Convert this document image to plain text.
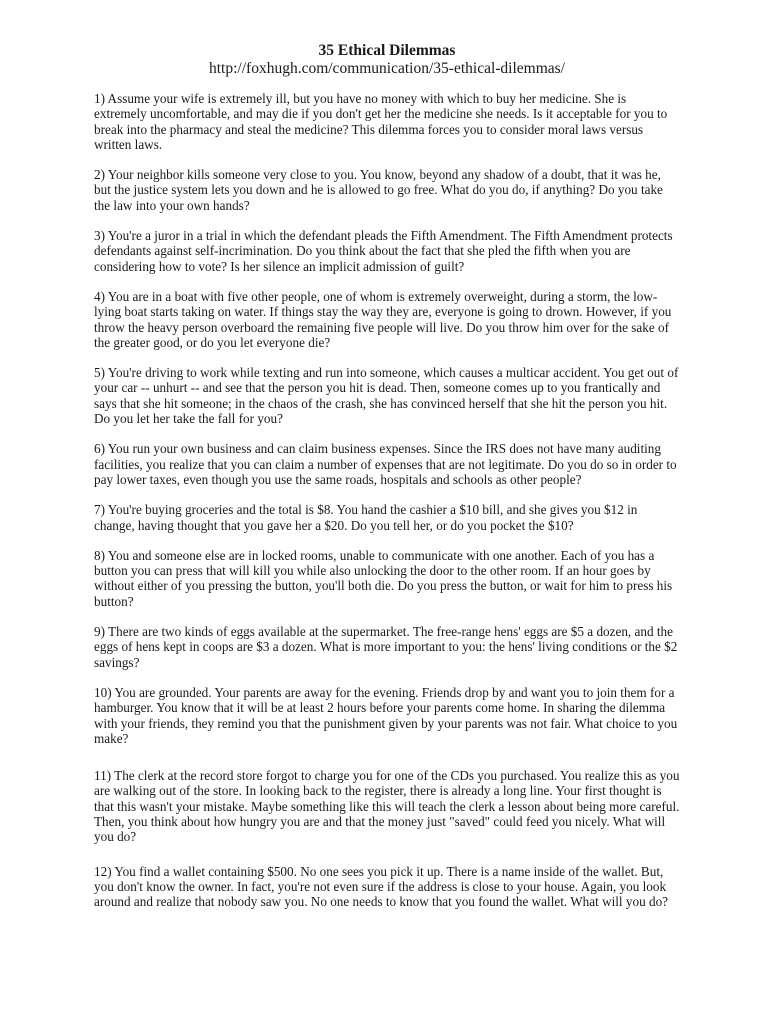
35 Ethical Dilemmas

http://foxhugh.com/communication/35-ethical-dilemmas/

1) Assume your wife is extremely ill, but you have no money with which to buy her medicine. She is extremely uncomfortable, and may die if you don't get her the medicine she needs. Is it acceptable for you to break into the pharmacy and steal the medicine? This dilemma forces you to consider moral laws versus written laws.

2) Your neighbor kills someone very close to you. You know, beyond any shadow of a doubt, that it was he, but the justice system lets you down and he is allowed to go free. What do you do, if anything? Do you take the law into your own hands?

3) You're a juror in a trial in which the defendant pleads the Fifth Amendment. The Fifth Amendment protects defendants against self-incrimination. Do you think about the fact that she pled the fifth when you are considering how to vote? Is her silence an implicit admission of guilt?

4) You are in a boat with five other people, one of whom is extremely overweight, during a storm, the low-lying boat starts taking on water. If things stay the way they are, everyone is going to drown. However, if you throw the heavy person overboard the remaining five people will live. Do you throw him over for the sake of the greater good, or do you let everyone die?

5) You're driving to work while texting and run into someone, which causes a multicar accident. You get out of your car -- unhurt -- and see that the person you hit is dead. Then, someone comes up to you frantically and says that she hit someone; in the chaos of the crash, she has convinced herself that she hit the person you hit. Do you let her take the fall for you?

6) You run your own business and can claim business expenses. Since the IRS does not have many auditing facilities, you realize that you can claim a number of expenses that are not legitimate. Do you do so in order to pay lower taxes, even though you use the same roads, hospitals and schools as other people?

7) You're buying groceries and the total is $8. You hand the cashier a $10 bill, and she gives you $12 in change, having thought that you gave her a $20. Do you tell her, or do you pocket the $10?

8) You and someone else are in locked rooms, unable to communicate with one another. Each of you has a button you can press that will kill you while also unlocking the door to the other room. If an hour goes by without either of you pressing the button, you'll both die. Do you press the button, or wait for him to press his button?

9) There are two kinds of eggs available at the supermarket. The free-range hens' eggs are $5 a dozen, and the eggs of hens kept in coops are $3 a dozen. What is more important to you: the hens' living conditions or the $2 savings?

10) You are grounded. Your parents are away for the evening. Friends drop by and want you to join them for a hamburger. You know that it will be at least 2 hours before your parents come home. In sharing the dilemma with your friends, they remind you that the punishment given by your parents was not fair. What choice to you make?

11) The clerk at the record store forgot to charge you for one of the CDs you purchased. You realize this as you are walking out of the store. In looking back to the register, there is already a long line. Your first thought is that this wasn't your mistake. Maybe something like this will teach the clerk a lesson about being more careful. Then, you think about how hungry you are and that the money just "saved" could feed you nicely. What will you do?

12) You find a wallet containing $500. No one sees you pick it up. There is a name inside of the wallet. But, you don't know the owner. In fact, you're not even sure if the address is close to your house. Again, you look around and realize that nobody saw you. No one needs to know that you found the wallet. What will you do?
